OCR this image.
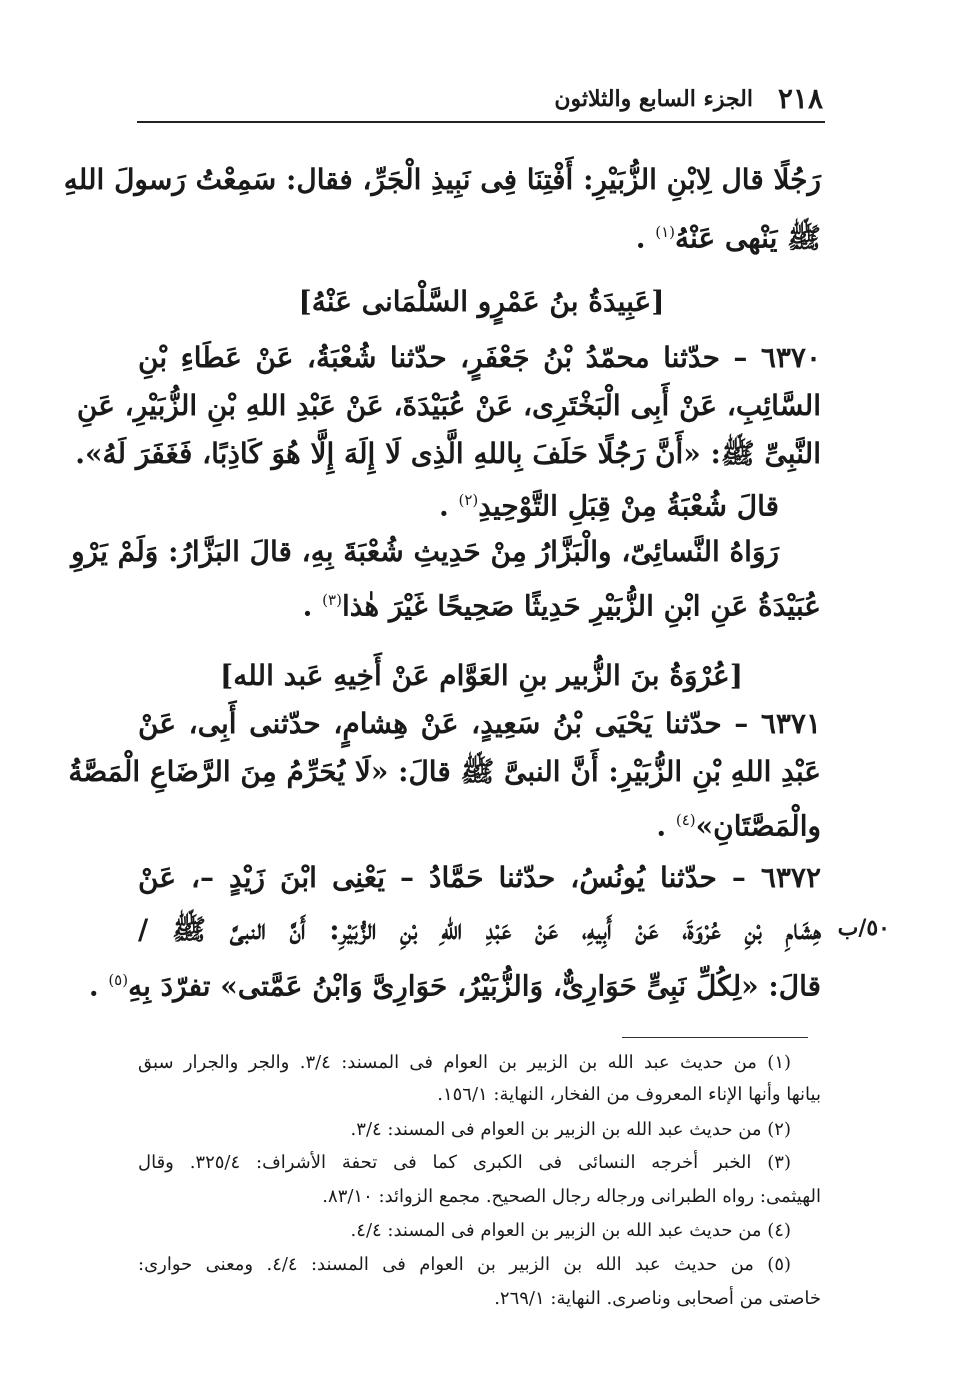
٢١٨
الجزء السابع والثلاثون
رَجُلًا قال لِابْنِ الزُّبَيْرِ: أَفْتِنَا فِى نَبِيذِ الْجَرِّ، فقال: سَمِعْتُ رَسولَ اللهِ
ﷺ يَنْهى عَنْهُ$^{(١)}$ .
[عَبِيدَةُ بنُ عَمْرٍو السَّلْمَانى عَنْهُ]
٦٣٧٠ – حدّثنا محمّدُ بْنُ جَعْفَرٍ، حدّثنا شُعْبَةُ، عَنْ عَطَاءِ بْنِ
السَّائِبِ، عَنْ أَبِى الْبَخْتَرِى، عَنْ عُبَيْدَةَ، عَنْ عَبْدِ اللهِ بْنِ الزُّبَيْرِ، عَنِ
النَّبِىِّ ﷺ: «أَنَّ رَجُلًا حَلَفَ بِاللهِ الَّذِى لَا إِلَهَ إِلَّا هُوَ كَاذِبًا، فَغَفَرَ لَهُ».
قالَ شُعْبَةُ مِنْ قِبَلِ التَّوْحِيدِ$^{(٢)}$ .
رَوَاهُ النَّسائِىّ، والْبَزَّارُ مِنْ حَدِيثِ شُعْبَةَ بِهِ، قالَ البَزَّارُ: وَلَمْ يَرْوِ
عُبَيْدَةُ عَنِ ابْنِ الزُّبَيْرِ حَدِيثًا صَحِيحًا غَيْرَ هٰذا$^{(٣)}$ .
[عُرْوَةُ بنَ الزُّبير بنِ العَوَّام عَنْ أَخِيهِ عَبد الله]
٦٣٧١ – حدّثنا يَحْيَى بْنُ سَعِيدٍ، عَنْ هِشامٍ، حدّثنى أَبِى، عَنْ
عَبْدِ اللهِ بْنِ الزُّبَيْرِ: أَنَّ النبىَّ ﷺ قالَ: «لَا يُحَرِّمُ مِنَ الرَّضَاعِ الْمَصَّةُ
والْمَصَّتَانِ»$^{(٤)}$ .
٦٣٧٢ – حدّثنا يُونُسُ، حدّثنا حَمَّادُ – يَعْنِى ابْنَ زَيْدٍ –، عَنْ
هِشَامِ بْنِ عُرْوَةَ، عَنْ أَبِيهِ، عَنْ عَبْدِ اللهِ بْنِ الزُّبَيْرِ: أَنَّ النبىَّ ﷺ /
قالَ: «لِكُلِّ نَبِىٍّ حَوَارِىٌّ، وَالزُّبَيْرُ، حَوَارِىَّ وَابْنُ عَمَّتى» تفرّدَ بِهِ$^{(٥)}$ .
٥٠/ب
(١) من حديث عبد الله بن الزبير بن العوام فى المسند: ٣/٤. والجر والجرار سبق
بيانها وأنها الإناء المعروف من الفخار، النهاية: ١٥٦/١.
(٢) من حديث عبد الله بن الزبير بن العوام فى المسند: ٣/٤.
(٣) الخبر أخرجه النسائى فى الكبرى كما فى تحفة الأشراف: ٣٢٥/٤. وقال
الهيثمى: رواه الطبرانى ورجاله رجال الصحيح. مجمع الزوائد: ٨٣/١٠.
(٤) من حديث عبد الله بن الزبير بن العوام فى المسند: ٤/٤.
(٥) من حديث عبد الله بن الزبير بن العوام فى المسند: ٤/٤. ومعنى حوارى:
خاصتى من أصحابى وناصرى. النهاية: ٢٦٩/١.
